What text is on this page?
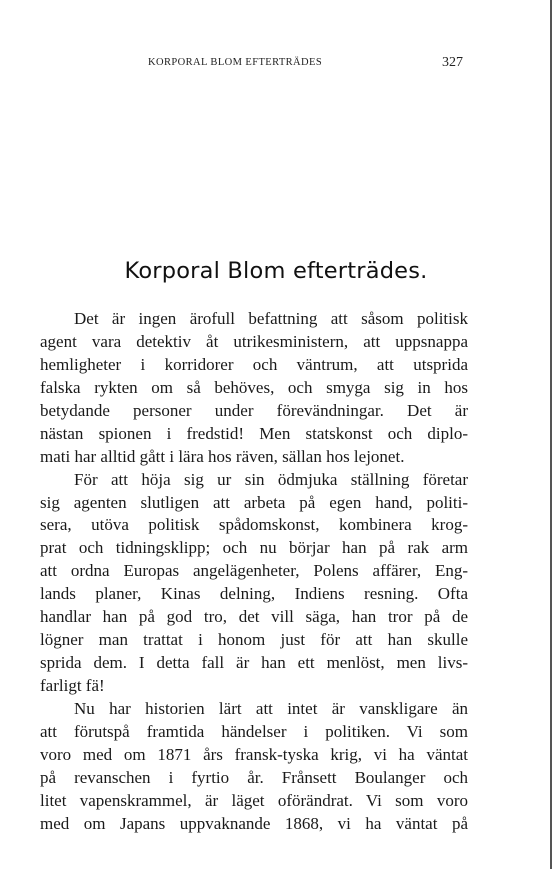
KORPORAL BLOM EFTERTRÄDES	327
Korporal Blom efterträdes.
Det är ingen ärofull befattning att såsom politisk
agent vara detektiv åt utrikesministern, att uppsnappa
hemligheter i korridorer och väntrum, att utsprida
falska rykten om så behöves, och smyga sig in hos
betydande personer under förevändningar. Det är
nästan spionen i fredstid! Men statskonst och diplo-
mati har alltid gått i lära hos räven, sällan hos lejonet.
För att höja sig ur sin ödmjuka ställning företar
sig agenten slutligen att arbeta på egen hand, politi-
sera, utöva politisk spådomskonst, kombinera krog-
prat och tidningsklipp; och nu börjar han på rak arm
att ordna Europas angelägenheter, Polens affärer, Eng-
lands planer, Kinas delning, Indiens resning. Ofta
handlar han på god tro, det vill säga, han tror på de
lögner man trattat i honom just för att han skulle
sprida dem. I detta fall är han ett menlöst, men livs-
farligt fä!
Nu har historien lärt att intet är vanskligare än
att förutspå framtida händelser i politiken. Vi som
voro med om 1871 års fransk-tyska krig, vi ha väntat
på revanschen i fyrtio år. Frånsett Boulanger och
litet vapenskrammel, är läget oförändrat. Vi som voro
med om Japans uppvaknande 1868, vi ha väntat på
